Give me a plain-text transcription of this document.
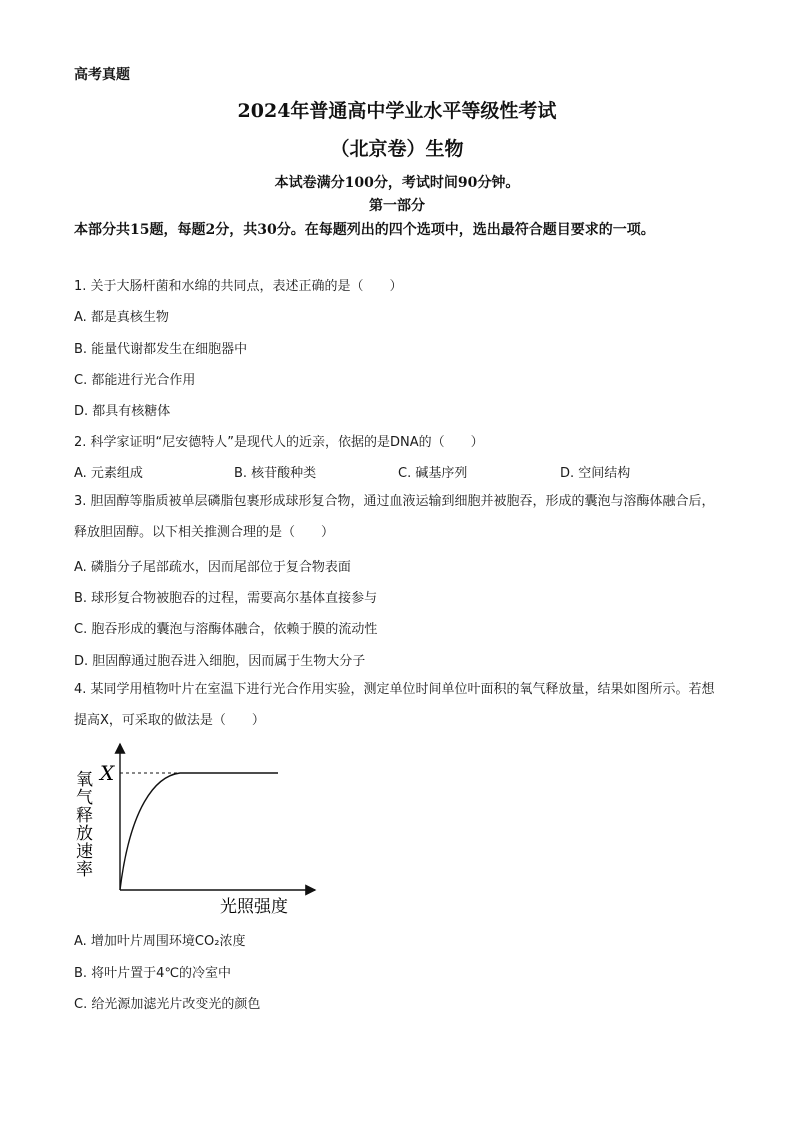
高考真题
2024年普通高中学业水平等级性考试
（北京卷）生物
本试卷满分100分，考试时间90分钟。
第一部分
本部分共15题，每题2分，共30分。在每题列出的四个选项中，选出最符合题目要求的一项。
1. 关于大肠杆菌和水绵的共同点，表述正确的是（　　）
A. 都是真核生物
B. 能量代谢都发生在细胞器中
C. 都能进行光合作用
D. 都具有核糖体
2. 科学家证明“尼安德特人”是现代人的近亲，依据的是DNA的（　　）
A. 元素组成	B. 核苷酸种类	C. 碱基序列	D. 空间结构
3. 胆固醇等脂质被单层磷脂包裹形成球形复合物，通过血液运输到细胞并被胞吞，形成的囊泡与溶酶体融合后，释放胆固醇。以下相关推测合理的是（　　）
A. 磷脂分子尾部疏水，因而尾部位于复合物表面
B. 球形复合物被胞吞的过程，需要高尔基体直接参与
C. 胞吞形成的囊泡与溶酶体融合，依赖于膜的流动性
D. 胆固醇通过胞吞进入细胞，因而属于生物大分子
4. 某同学用植物叶片在室温下进行光合作用实验，测定单位时间单位叶面积的氧气释放量，结果如图所示。若想提高X，可采取的做法是（　　）
X
光照强度
氧气释放速率
A. 增加叶片周围环境CO₂浓度
B. 将叶片置于4℃的冷室中
C. 给光源加滤光片改变光的颜色
